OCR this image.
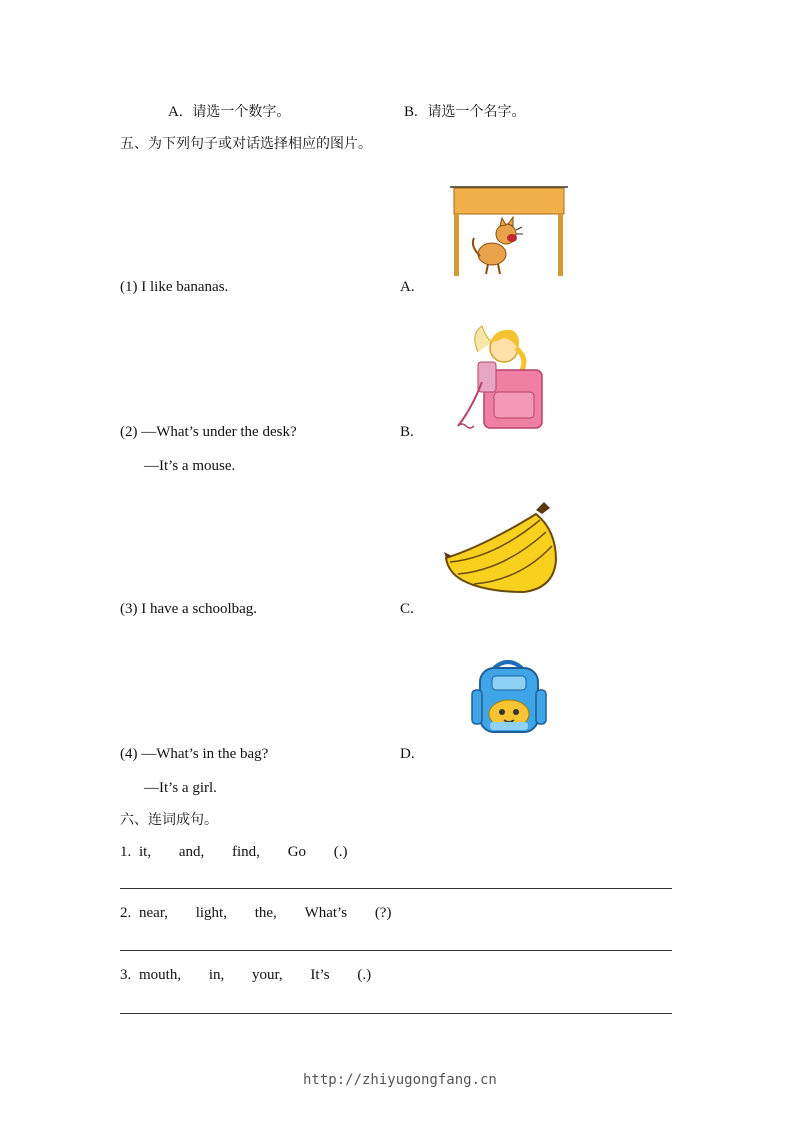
A. 请选一个数字。	B. 请选一个名字。
五、为下列句子或对话选择相应的图片。
(1) I like bananas.	A.
(2) —What’s under the desk?	B.
—It’s a mouse.
(3) I have a schoolbag.	C.
(4) —What’s in the bag?	D.
—It’s a girl.
六、连词成句。
1. it, and, find, Go (.)
2. near, light, the, What’s (?)
3. mouth, in, your, It’s (.)
http://zhiyugongfang.cn
